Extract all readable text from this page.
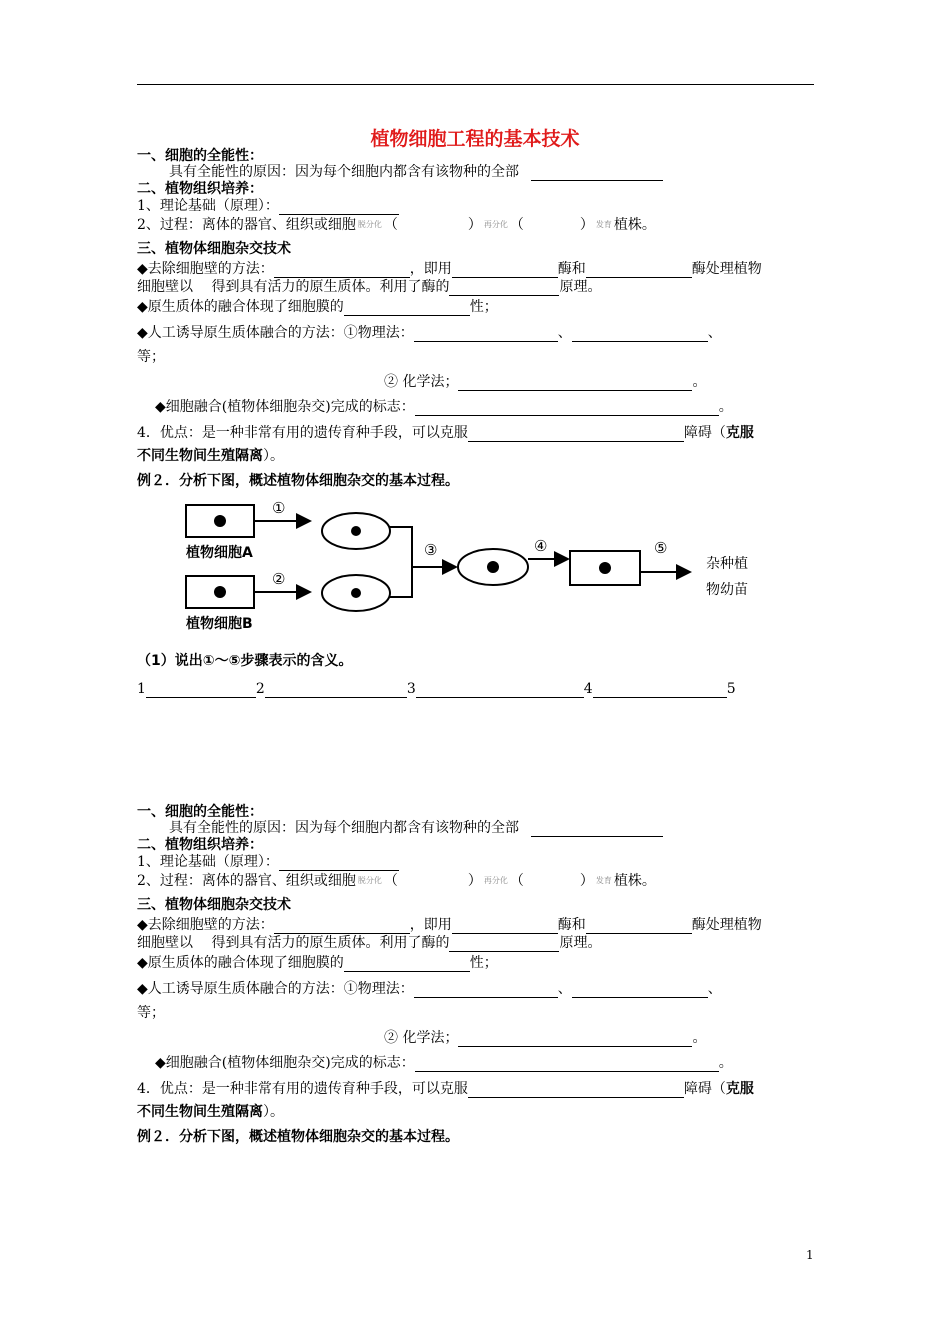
植物细胞工程的基本技术
一、细胞的全能性：
具有全能性的原因：因为每个细胞内都含有该物种的全部
二、植物组织培养：
1、理论基础（原理）：
2、过程：离体的器官、组织或细胞 脱分化 （　　　　　） 再分化 （　　　　） 发育 植株。
三、植物体细胞杂交技术
◆去除细胞壁的方法：	，即用	酶和	酶处理植物
细胞壁以　 得到具有活力的原生质体。利用了酶的	原理。
◆原生质体的融合体现了细胞膜的	性；
◆人工诱导原生质体融合的方法：①物理法：	、	、
等；
② 化学法；	。
◆细胞融合(植物体细胞杂交)完成的标志：	。
4．优点：是一种非常有用的遗传育种手段，可以克服	障碍（克服
不同生物间生殖隔离）。
例２．分析下图，概述植物体细胞杂交的基本过程。
植物细胞A
植物细胞B
①
②
③	④	⑤
杂种植
物幼苗
（1）说出①～⑤步骤表示的含义。
1	2	3	4	5
一、细胞的全能性：
具有全能性的原因：因为每个细胞内都含有该物种的全部
二、植物组织培养：
1、理论基础（原理）：
2、过程：离体的器官、组织或细胞 脱分化 （　　　　　） 再分化 （　　　　） 发育 植株。
三、植物体细胞杂交技术
◆去除细胞壁的方法：	，即用	酶和	酶处理植物
细胞壁以　 得到具有活力的原生质体。利用了酶的	原理。
◆原生质体的融合体现了细胞膜的	性；
◆人工诱导原生质体融合的方法：①物理法：	、	、
等；
② 化学法；	。
◆细胞融合(植物体细胞杂交)完成的标志：	。
4．优点：是一种非常有用的遗传育种手段，可以克服	障碍（克服
不同生物间生殖隔离）。
例２．分析下图，概述植物体细胞杂交的基本过程。
1
